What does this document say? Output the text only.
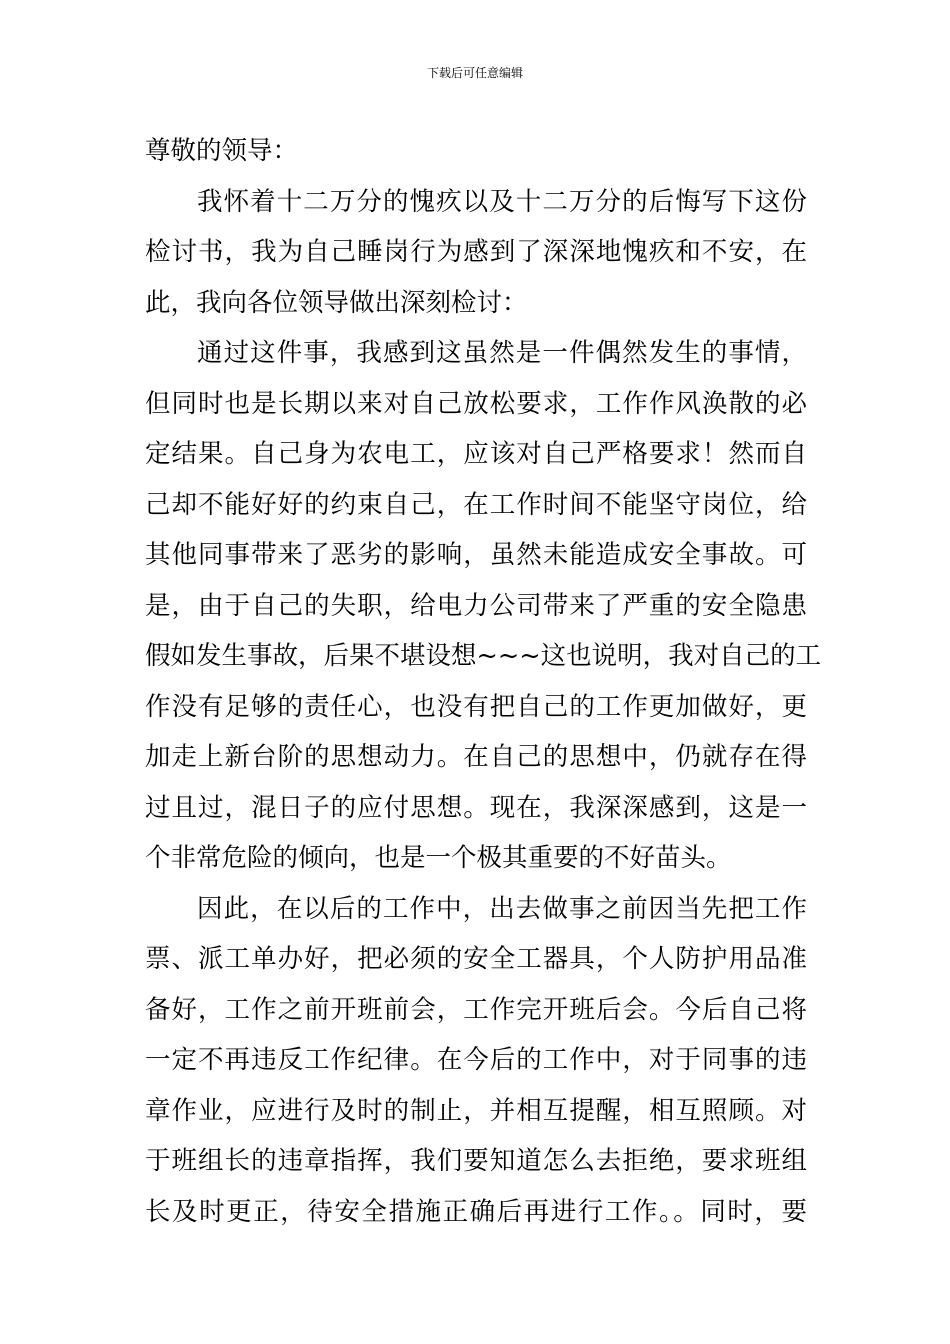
下载后可任意编辑
尊敬的领导：
我怀着十二万分的愧疚以及十二万分的后悔写下这份
检讨书，我为自己睡岗行为感到了深深地愧疚和不安，在
此，我向各位领导做出深刻检讨：
通过这件事，我感到这虽然是一件偶然发生的事情，
但同时也是长期以来对自己放松要求，工作作风涣散的必
定结果。自己身为农电工，应该对自己严格要求！然而自
己却不能好好的约束自己，在工作时间不能坚守岗位，给
其他同事带来了恶劣的影响，虽然未能造成安全事故。可
是，由于自己的失职，给电力公司带来了严重的安全隐患
假如发生事故，后果不堪设想~~~这也说明，我对自己的工
作没有足够的责任心，也没有把自己的工作更加做好，更
加走上新台阶的思想动力。在自己的思想中，仍就存在得
过且过，混日子的应付思想。现在，我深深感到，这是一
个非常危险的倾向，也是一个极其重要的不好苗头。
因此，在以后的工作中，出去做事之前因当先把工作
票、派工单办好，把必须的安全工器具，个人防护用品准
备好，工作之前开班前会，工作完开班后会。今后自己将
一定不再违反工作纪律。在今后的工作中，对于同事的违
章作业，应进行及时的制止，并相互提醒，相互照顾。对
于班组长的违章指挥，我们要知道怎么去拒绝，要求班组
长及时更正，待安全措施正确后再进行工作。。同时，要
